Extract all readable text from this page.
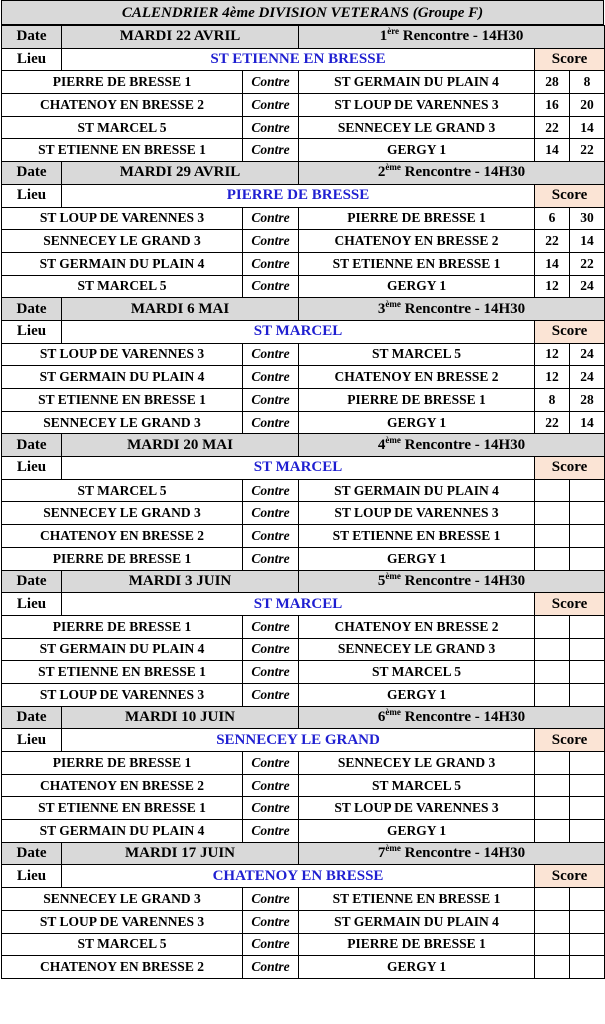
CALENDRIER 4ème DIVISION VETERANS (Groupe F)
Date	MARDI 22 AVRIL		1ère Rencontre - 14H30		
Lieu	ST ETIENNE EN BRESSE			Score	
PIERRE DE BRESSE 1		Contre	ST GERMAIN DU PLAIN 4	28	8
CHATENOY EN BRESSE 2		Contre	ST LOUP DE VARENNES 3	16	20
ST MARCEL 5		Contre	SENNECEY LE GRAND 3	22	14
ST ETIENNE EN BRESSE 1		Contre	GERGY 1	14	22
Date	MARDI 29 AVRIL		2ème Rencontre - 14H30		
Lieu	PIERRE DE BRESSE			Score	
ST LOUP DE VARENNES 3		Contre	PIERRE DE BRESSE 1	6	30
SENNECEY LE GRAND 3		Contre	CHATENOY EN BRESSE 2	22	14
ST GERMAIN DU PLAIN 4		Contre	ST ETIENNE EN BRESSE 1	14	22
ST MARCEL 5		Contre	GERGY 1	12	24
Date	MARDI 6 MAI		3ème Rencontre - 14H30		
Lieu	ST MARCEL			Score	
ST LOUP DE VARENNES 3		Contre	ST MARCEL 5	12	24
ST GERMAIN DU PLAIN 4		Contre	CHATENOY EN BRESSE 2	12	24
ST ETIENNE EN BRESSE 1		Contre	PIERRE DE BRESSE 1	8	28
SENNECEY LE GRAND 3		Contre	GERGY 1	22	14
Date	MARDI 20 MAI		4ème Rencontre - 14H30		
Lieu	ST MARCEL			Score	
ST MARCEL 5		Contre	ST GERMAIN DU PLAIN 4		
SENNECEY LE GRAND 3		Contre	ST LOUP DE VARENNES 3		
CHATENOY EN BRESSE 2		Contre	ST ETIENNE EN BRESSE 1		
PIERRE DE BRESSE 1		Contre	GERGY 1		
Date	MARDI 3 JUIN		5ème Rencontre - 14H30		
Lieu	ST MARCEL			Score	
PIERRE DE BRESSE 1		Contre	CHATENOY EN BRESSE 2		
ST GERMAIN DU PLAIN 4		Contre	SENNECEY LE GRAND 3		
ST ETIENNE EN BRESSE 1		Contre	ST MARCEL 5		
ST LOUP DE VARENNES 3		Contre	GERGY 1		
Date	MARDI 10 JUIN		6ème Rencontre - 14H30		
Lieu	SENNECEY LE GRAND			Score	
PIERRE DE BRESSE 1		Contre	SENNECEY LE GRAND 3		
CHATENOY EN BRESSE 2		Contre	ST MARCEL 5		
ST ETIENNE EN BRESSE 1		Contre	ST LOUP DE VARENNES 3		
ST GERMAIN DU PLAIN 4		Contre	GERGY 1		
Date	MARDI 17 JUIN		7ème Rencontre - 14H30		
Lieu	CHATENOY EN BRESSE			Score	
SENNECEY LE GRAND 3		Contre	ST ETIENNE EN BRESSE 1		
ST LOUP DE VARENNES 3		Contre	ST GERMAIN DU PLAIN 4		
ST MARCEL 5		Contre	PIERRE DE BRESSE 1		
CHATENOY EN BRESSE 2		Contre	GERGY 1		
